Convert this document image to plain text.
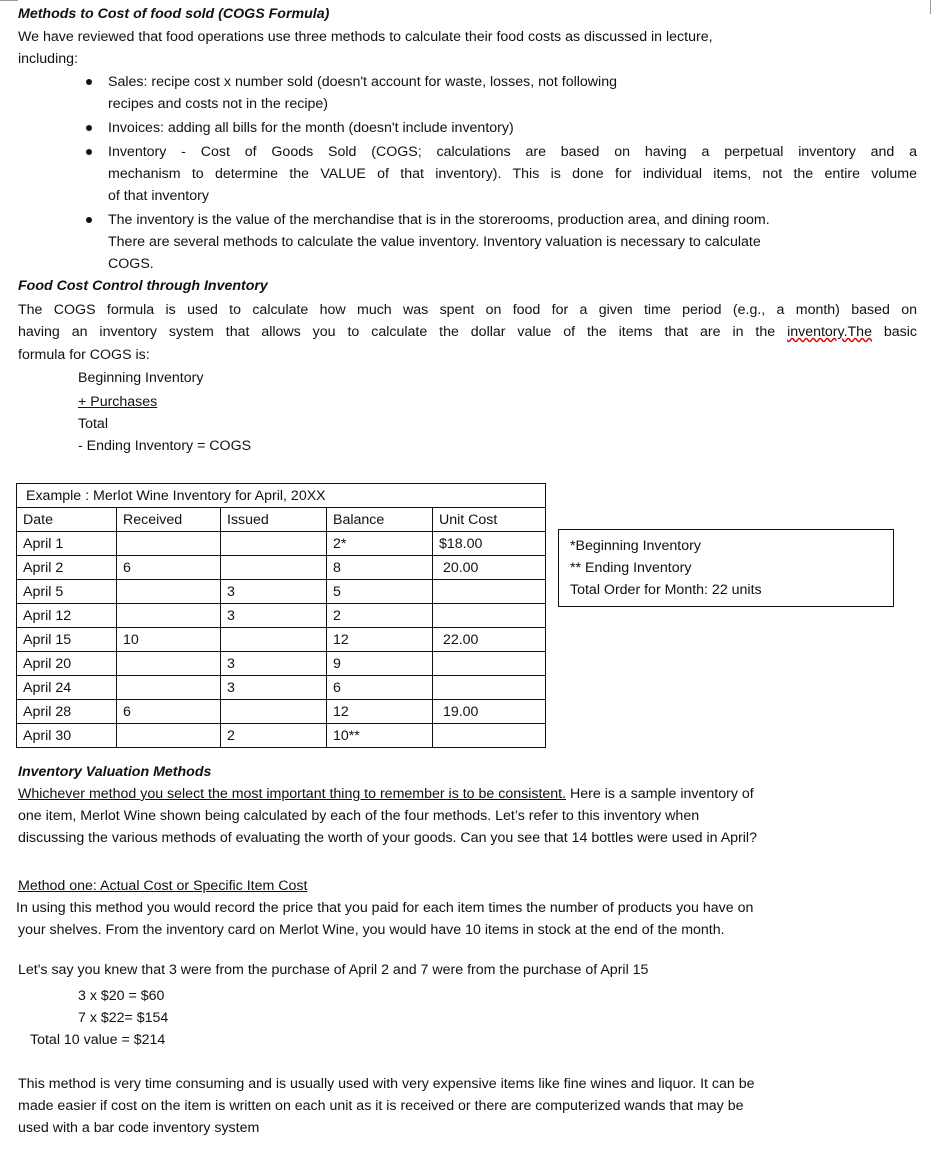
Methods to Cost of food sold (COGS Formula)
We have reviewed that food operations use three methods to calculate their food costs as discussed in lecture,
including:
Sales: recipe cost x number sold (doesn't account for waste, losses, not following
recipes and costs not in the recipe)
Invoices: adding all bills for the month (doesn't include inventory)
Inventory - Cost of Goods Sold (COGS; calculations are based on having a perpetual inventory and a
mechanism to determine the VALUE of that inventory). This is done for individual items, not the entire volume
of that inventory
The inventory is the value of the merchandise that is in the storerooms, production area, and dining room.
There are several methods to calculate the value inventory. Inventory valuation is necessary to calculate
COGS.
Food Cost Control through Inventory
The COGS formula is used to calculate how much was spent on food for a given time period (e.g., a month) based on
having an inventory system that allows you to calculate the dollar value of the items that are in the inventory.The basic
formula for COGS is:
Beginning Inventory
+ Purchases
Total
- Ending Inventory = COGS
Example : Merlot Wine Inventory for April, 20XX				
Date	Received	Issued	Balance	Unit Cost
April 1			2*	$18.00
April 2	6		8	20.00
April 5		3	5	
April 12		3	2	
April 15	10		12	22.00
April 20		3	9	
April 24		3	6	
April 28	6		12	19.00
April 30		2	10**	
*Beginning Inventory
** Ending Inventory
Total Order for Month: 22 units
Inventory Valuation Methods
Whichever method you select the most important thing to remember is to be consistent. Here is a sample inventory of
one item, Merlot Wine shown being calculated by each of the four methods. Let’s refer to this inventory when
discussing the various methods of evaluating the worth of your goods. Can you see that 14 bottles were used in April?
Method one: Actual Cost or Specific Item Cost
In using this method you would record the price that you paid for each item times the number of products you have on
your shelves. From the inventory card on Merlot Wine, you would have 10 items in stock at the end of the month.
Let's say you knew that 3 were from the purchase of April 2 and 7 were from the purchase of April 15
3 x $20 = $60
7 x $22= $154
Total 10 value = $214
This method is very time consuming and is usually used with very expensive items like fine wines and liquor. It can be
made easier if cost on the item is written on each unit as it is received or there are computerized wands that may be
used with a bar code inventory system
